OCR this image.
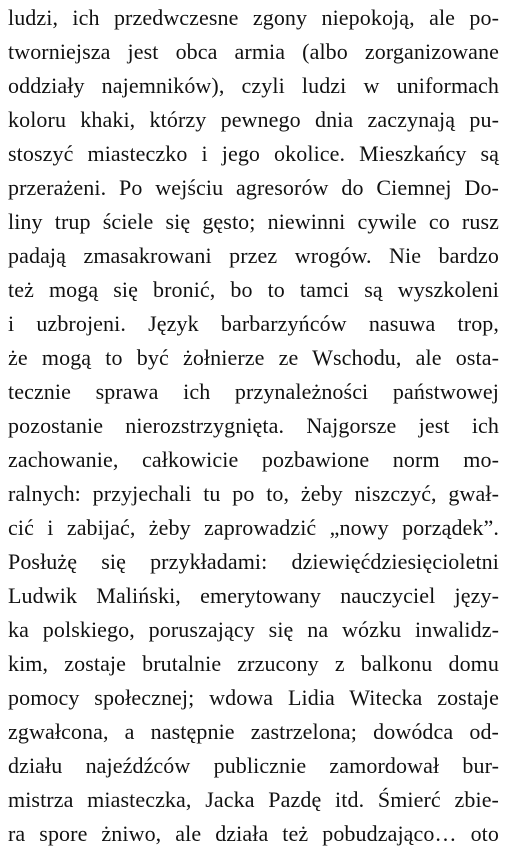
ludzi, ich przedwczesne zgony niepokoją, ale po-
tworniejsza jest obca armia (albo zorganizowane
oddziały najemników), czyli ludzi w uniformach
koloru khaki, którzy pewnego dnia zaczynają pu-
stoszyć miasteczko i jego okolice. Mieszkańcy są
przerażeni. Po wejściu agresorów do Ciemnej Do-
liny trup ściele się gęsto; niewinni cywile co rusz
padają zmasakrowani przez wrogów. Nie bardzo
też mogą się bronić, bo to tamci są wyszkoleni
i uzbrojeni. Język barbarzyńców nasuwa trop,
że mogą to być żołnierze ze Wschodu, ale osta-
tecznie sprawa ich przynależności państwowej
pozostanie nierozstrzygnięta. Najgorsze jest ich
zachowanie, całkowicie pozbawione norm mo-
ralnych: przyjechali tu po to, żeby niszczyć, gwał-
cić i zabijać, żeby zaprowadzić „nowy porządek”.
Posłużę się przykładami: dziewięćdziesięcioletni
Ludwik Maliński, emerytowany nauczyciel języ-
ka polskiego, poruszający się na wózku inwalidz-
kim, zostaje brutalnie zrzucony z balkonu domu
pomocy społecznej; wdowa Lidia Witecka zostaje
zgwałcona, a następnie zastrzelona; dowódca od-
działu najeźdźców publicznie zamordował bur-
mistrza miasteczka, Jacka Pazdę itd. Śmierć zbie-
ra spore żniwo, ale działa też pobudzająco… oto
